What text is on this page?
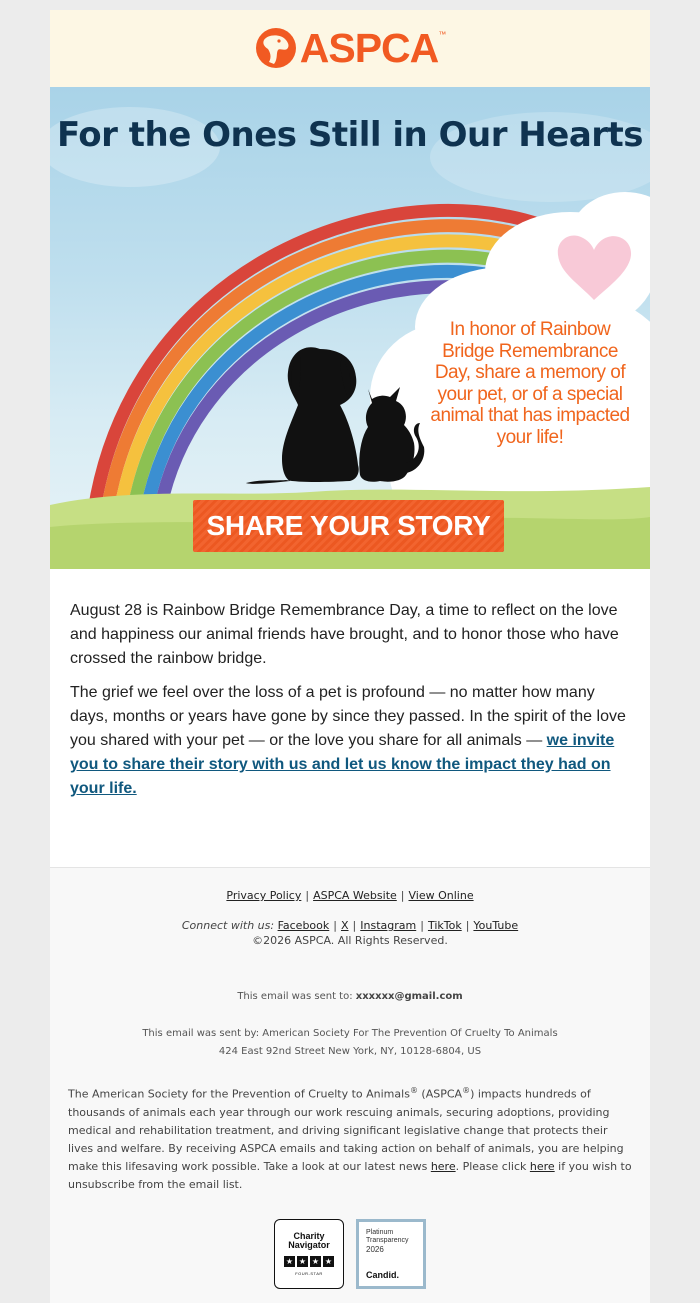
ASPCA ™
For the Ones Still in Our Hearts
In honor of Rainbow Bridge Remembrance Day, share a memory of your pet, or of a special animal that has impacted your life!
SHARE YOUR STORY

August 28 is Rainbow Bridge Remembrance Day, a time to reflect on the love and happiness our animal friends have brought, and to honor those who have crossed the rainbow bridge.

The grief we feel over the loss of a pet is profound — no matter how many days, months or years have gone by since they passed. In the spirit of the love you shared with your pet — or the love you share for all animals — we invite you to share their story with us and let us know the impact they had on your life.

Privacy Policy | ASPCA Website | View Online
Connect with us: Facebook | X | Instagram | TikTok | YouTube
©2026 ASPCA. All Rights Reserved.
This email was sent to: xxxxxx@gmail.com
This email was sent by: American Society For The Prevention Of Cruelty To Animals
424 East 92nd Street New York, NY, 10128-6804, US
The American Society for the Prevention of Cruelty to Animals® (ASPCA®) impacts hundreds of thousands of animals each year through our work rescuing animals, securing adoptions, providing medical and rehabilitation treatment, and driving significant legislative change that protects their lives and welfare. By receiving ASPCA emails and taking action on behalf of animals, you are helping make this lifesaving work possible. Take a look at our latest news here. Please click here if you wish to unsubscribe from the email list.
Charity
Navigator
★ ★ ★ ★
FOUR-STAR
Platinum
Transparency
2026
Candid.
